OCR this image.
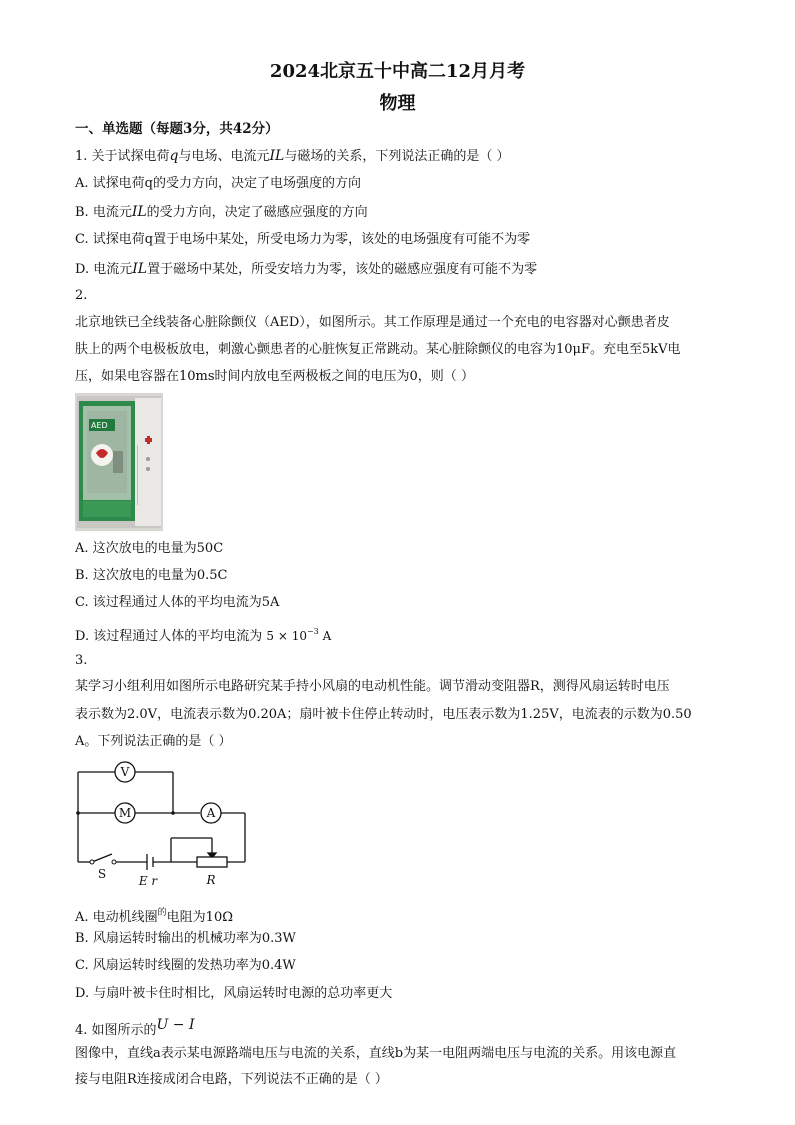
2024北京五十中高二12月月考
物理
一、单选题（每题3分，共42分）
1. 关于试探电荷q与电场、电流元IL与磁场的关系，下列说法正确的是（ ）
A. 试探电荷q的受力方向，决定了电场强度的方向
B. 电流元IL的受力方向，决定了磁感应强度的方向
C. 试探电荷q置于电场中某处，所受电场力为零，该处的电场强度有可能不为零
D. 电流元IL置于磁场中某处，所受安培力为零，该处的磁感应强度有可能不为零
2.
北京地铁已全线装备心脏除颤仪（AED），如图所示。其工作原理是通过一个充电的电容器对心颤患者皮
肤上的两个电极板放电，刺激心颤患者的心脏恢复正常跳动。某心脏除颤仪的电容为10μF。充电至5kV电
压，如果电容器在10ms时间内放电至两极板之间的电压为0，则（ ）
AED
A. 这次放电的电量为50C
B. 这次放电的电量为0.5C
C. 该过程通过人体的平均电流为5A
D. 该过程通过人体的平均电流为 $5 \times 10^{-3}$ A
3.
某学习小组利用如图所示电路研究某手持小风扇的电动机性能。调节滑动变阻器R，测得风扇运转时电压
表示数为2.0V，电流表示数为0.20A；扇叶被卡住停止转动时，电压表示数为1.25V，电流表的示数为0.50
A。下列说法正确的是（ ）
V
M	A
S	E r	R
A. 电动机线圈$^的$电阻为10Ω
B. 风扇运转时输出的机械功率为0.3W
C. 风扇运转时线圈的发热功率为0.4W
D. 与扇叶被卡住时相比，风扇运转时电源的总功率更大
4. 如图所示的U − I
图像中，直线a表示某电源路端电压与电流的关系，直线b为某一电阻两端电压与电流的关系。用该电源直
接与电阻R连接成闭合电路，下列说法不正确的是（ ）
